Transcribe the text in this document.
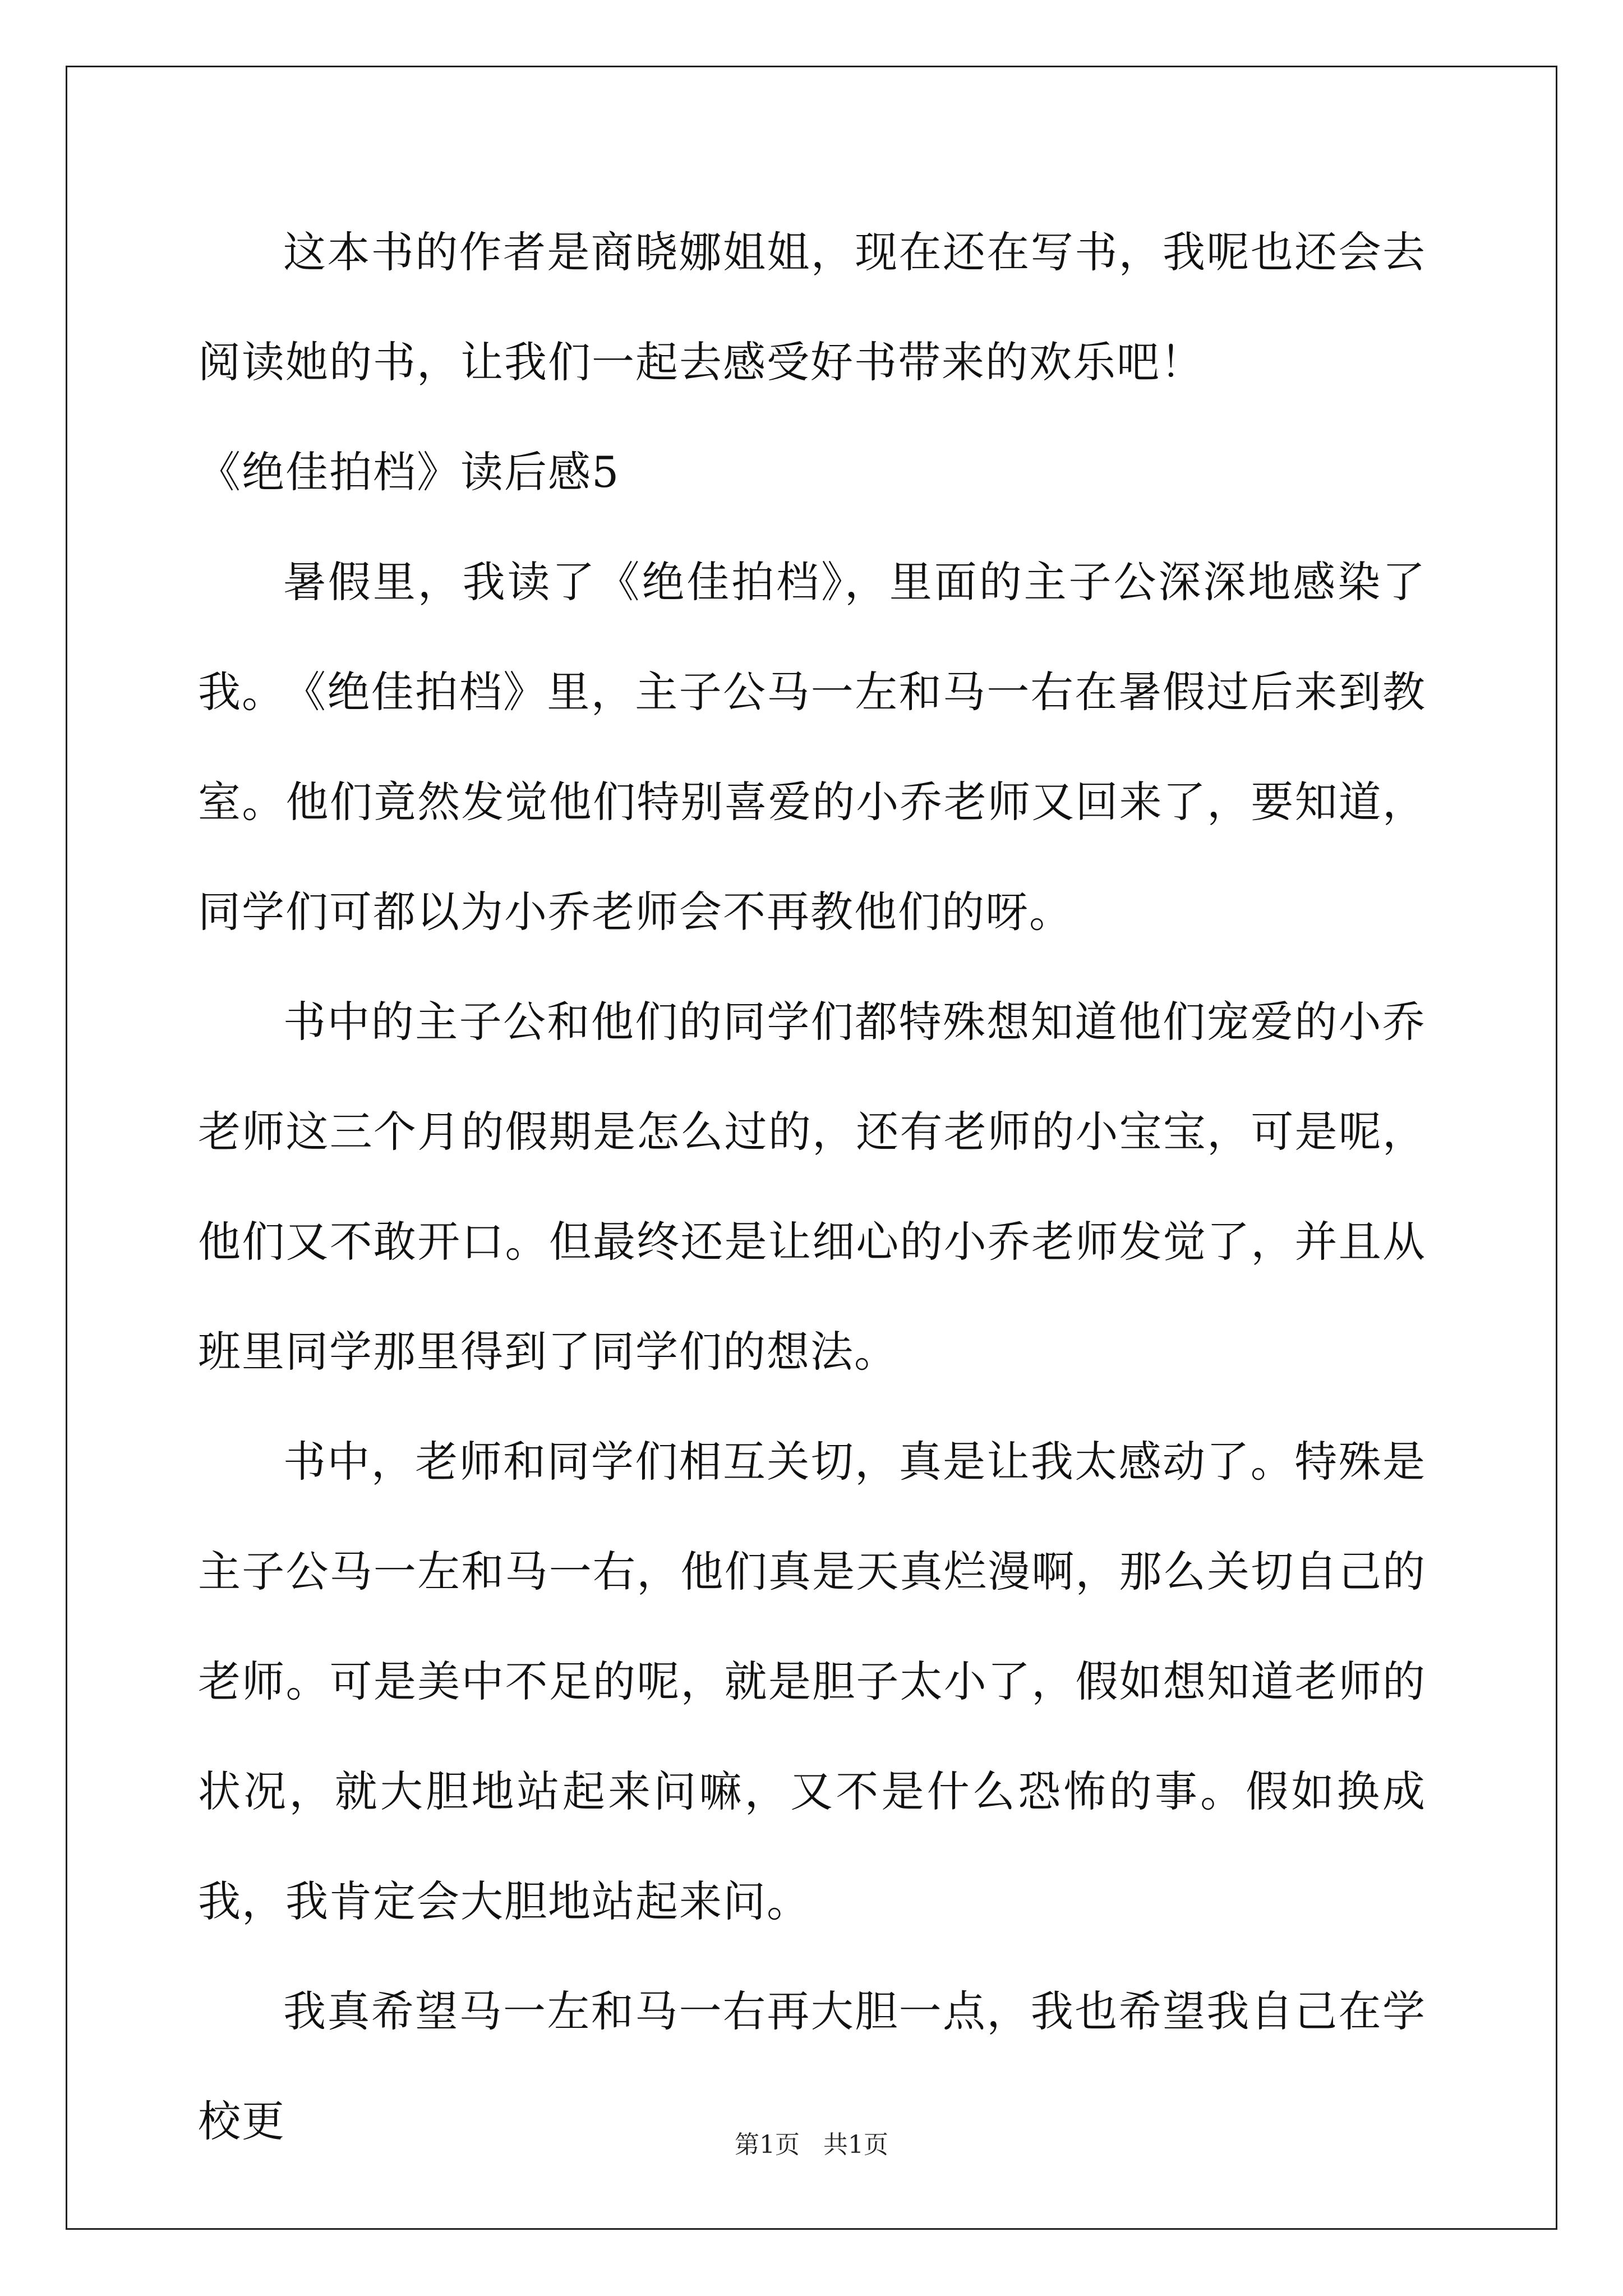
这本书的作者是商晓娜姐姐，现在还在写书，我呢也还会去阅读她的书，让我们一起去感受好书带来的欢乐吧！

《绝佳拍档》读后感5

暑假里，我读了《绝佳拍档》，里面的主子公深深地感染了我。

《绝佳拍档》里，主子公马一左和马一右在暑假过后来到教室。他们竟然发觉他们特别喜爱的小乔老师又回来了，要知道，同学们可都以为小乔老师会不再教他们的呀。

书中的主子公和他们的同学们都特殊想知道他们宠爱的小乔老师这三个月的假期是怎么过的，还有老师的小宝宝，可是呢，他们又不敢开口。但最终还是让细心的小乔老师发觉了，并且从班里同学那里得到了同学们的想法。

书中，老师和同学们相互关切，真是让我太感动了。特殊是主子公马一左和马一右，他们真是天真烂漫啊，那么关切自己的老师。可是美中不足的呢，就是胆子太小了，假如想知道老师的状况，就大胆地站起来问嘛，又不是什么恐怖的事。假如换成我，我肯定会大胆地站起来问。

我真希望马一左和马一右再大胆一点，我也希望我自己在学校更	第1页 共1页
